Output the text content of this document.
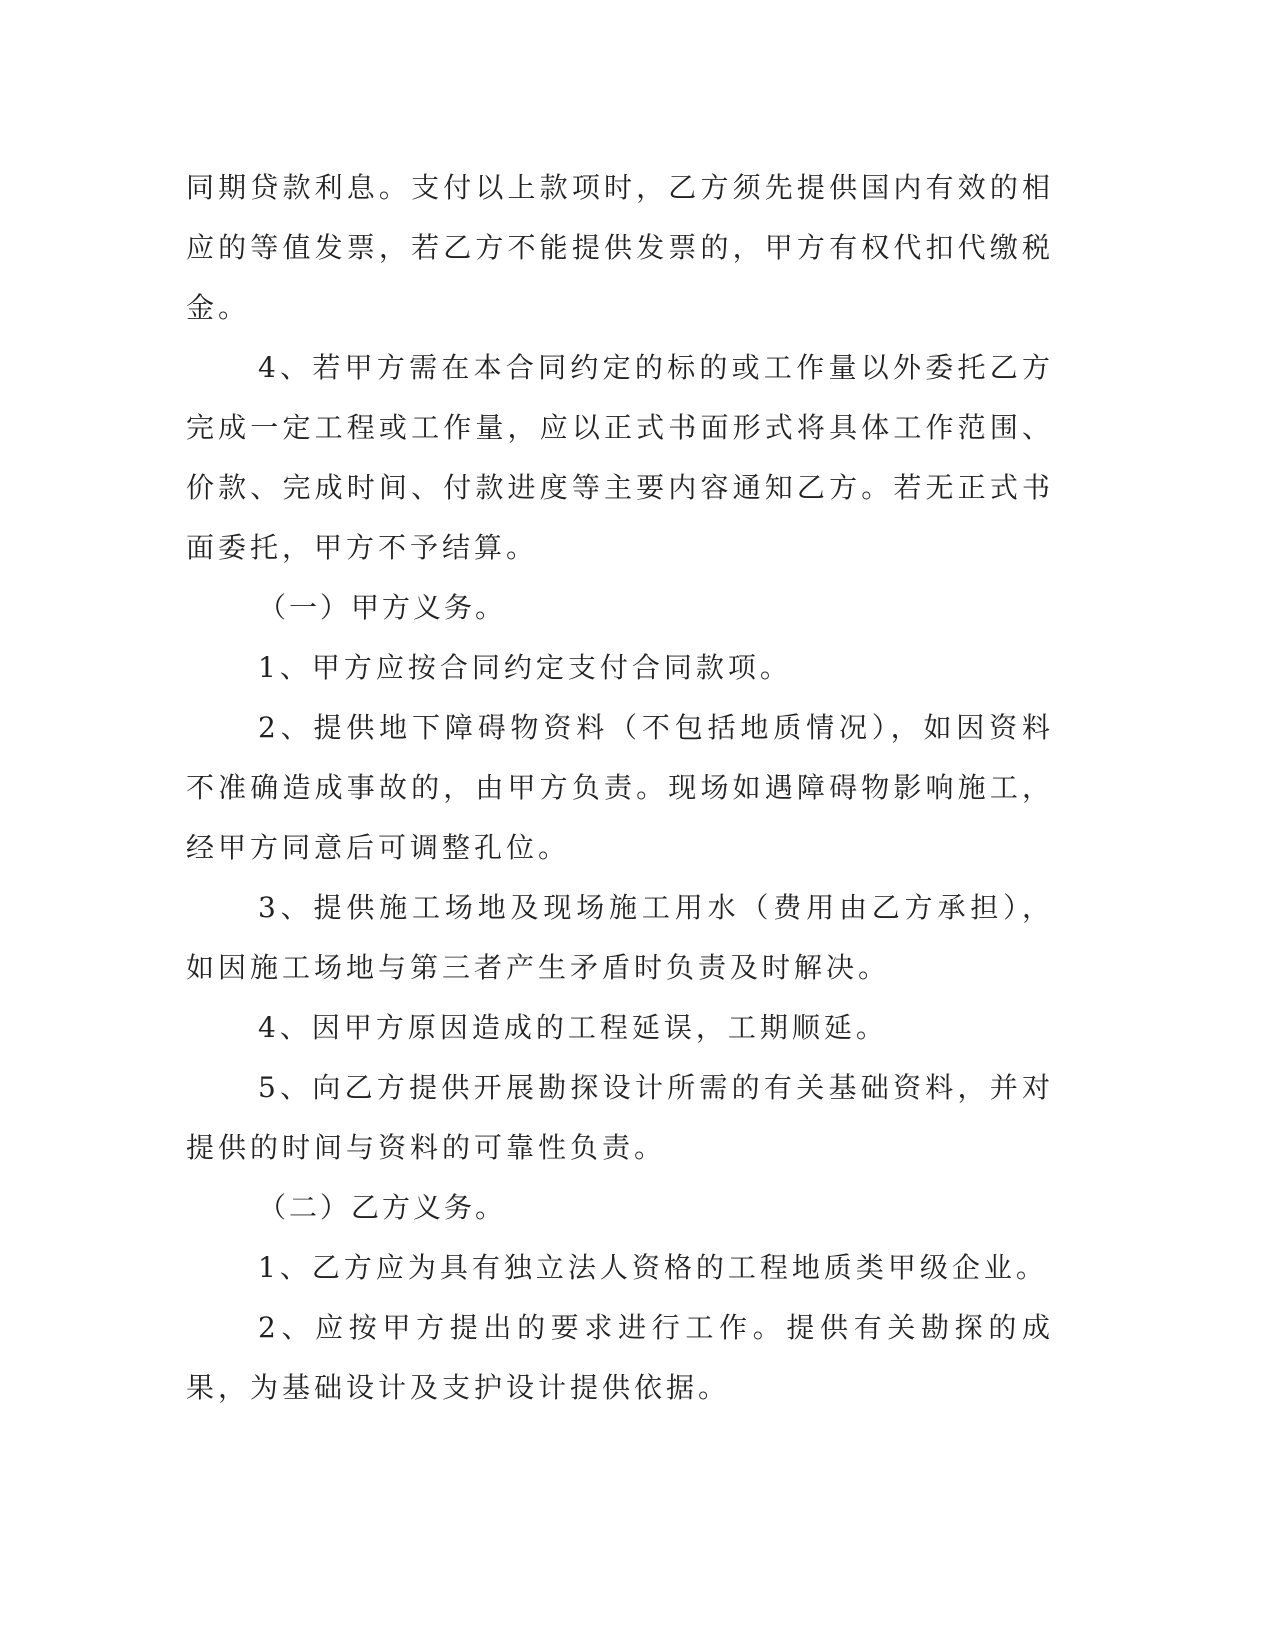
同期贷款利息。支付以上款项时，乙方须先提供国内有效的相应的等值发票，若乙方不能提供发票的，甲方有权代扣代缴税金。

4、若甲方需在本合同约定的标的或工作量以外委托乙方完成一定工程或工作量，应以正式书面形式将具体工作范围、价款、完成时间、付款进度等主要内容通知乙方。若无正式书面委托，甲方不予结算。

（一）甲方义务。

1、甲方应按合同约定支付合同款项。

2、提供地下障碍物资料（不包括地质情况），如因资料不准确造成事故的，由甲方负责。现场如遇障碍物影响施工，经甲方同意后可调整孔位。

3、提供施工场地及现场施工用水（费用由乙方承担），如因施工场地与第三者产生矛盾时负责及时解决。

4、因甲方原因造成的工程延误，工期顺延。

5、向乙方提供开展勘探设计所需的有关基础资料，并对提供的时间与资料的可靠性负责。

（二）乙方义务。

1、乙方应为具有独立法人资格的工程地质类甲级企业。

2、应按甲方提出的要求进行工作。提供有关勘探的成果，为基础设计及支护设计提供依据。
